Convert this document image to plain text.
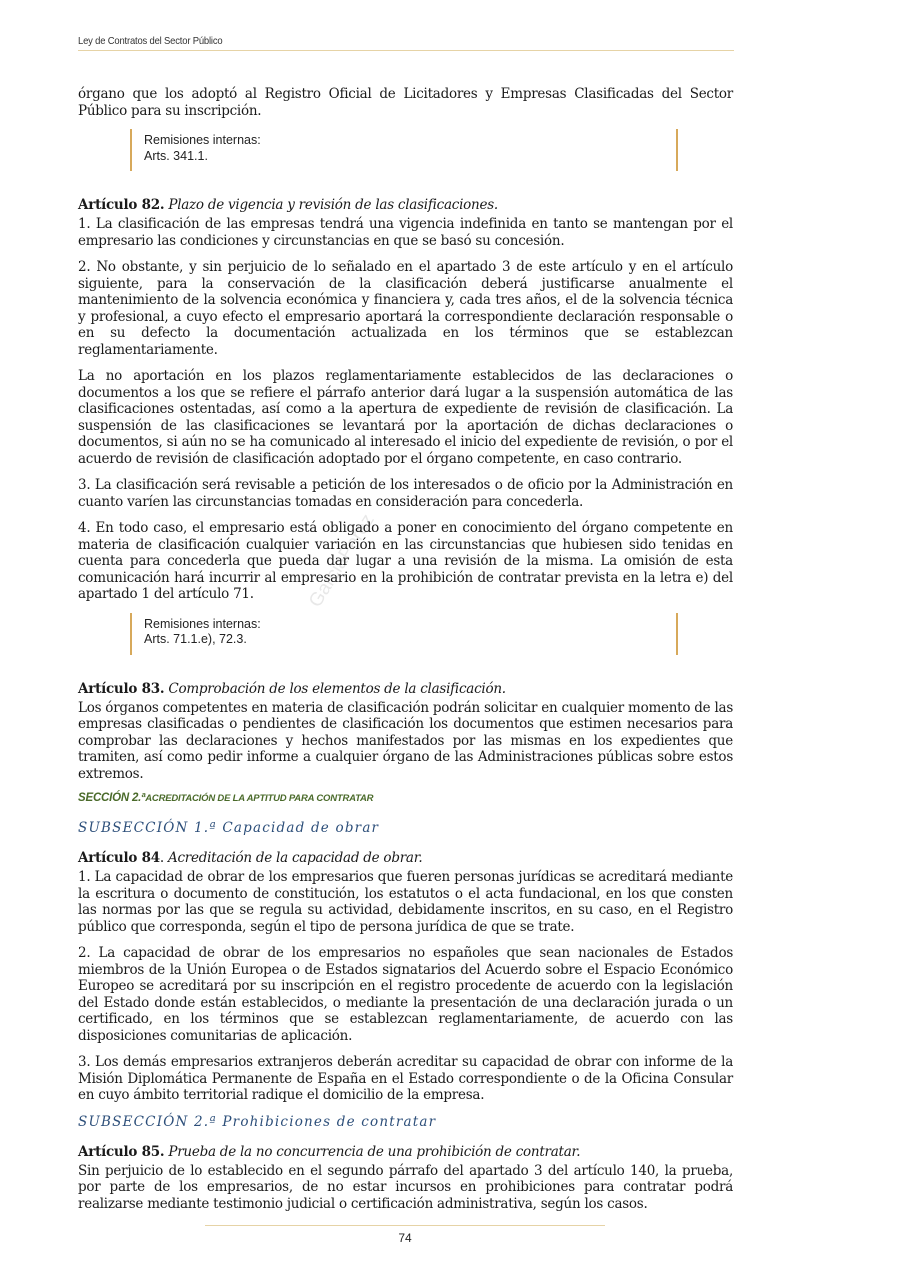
Ley de Contratos del Sector Público
GarciaPerez

órgano que los adoptó al Registro Oficial de Licitadores y Empresas Clasificadas del Sector Público para su inscripción.

Remisiones internas:
Arts. 341.1.
Artículo 82. Plazo de vigencia y revisión de las clasificaciones.

1. La clasificación de las empresas tendrá una vigencia indefinida en tanto se mantengan por el empresario las condiciones y circunstancias en que se basó su concesión.

2. No obstante, y sin perjuicio de lo señalado en el apartado 3 de este artículo y en el artículo siguiente, para la conservación de la clasificación deberá justificarse anualmente el mantenimiento de la solvencia económica y financiera y, cada tres años, el de la solvencia técnica y profesional, a cuyo efecto el empresario aportará la correspondiente declaración responsable o en su defecto la documentación actualizada en los términos que se establezcan reglamentariamente.

La no aportación en los plazos reglamentariamente establecidos de las declaraciones o documentos a los que se refiere el párrafo anterior dará lugar a la suspensión automática de las clasificaciones ostentadas, así como a la apertura de expediente de revisión de clasificación. La suspensión de las clasificaciones se levantará por la aportación de dichas declaraciones o documentos, si aún no se ha comunicado al interesado el inicio del expediente de revisión, o por el acuerdo de revisión de clasificación adoptado por el órgano competente, en caso contrario.

3. La clasificación será revisable a petición de los interesados o de oficio por la Administración en cuanto varíen las circunstancias tomadas en consideración para concederla.

4. En todo caso, el empresario está obligado a poner en conocimiento del órgano competente en materia de clasificación cualquier variación en las circunstancias que hubiesen sido tenidas en cuenta para concederla que pueda dar lugar a una revisión de la misma. La omisión de esta comunicación hará incurrir al empresario en la prohibición de contratar prevista en la letra e) del apartado 1 del artículo 71.

Remisiones internas:
Arts. 71.1.e), 72.3.
Artículo 83. Comprobación de los elementos de la clasificación.

Los órganos competentes en materia de clasificación podrán solicitar en cualquier momento de las empresas clasificadas o pendientes de clasificación los documentos que estimen necesarios para comprobar las declaraciones y hechos manifestados por las mismas en los expedientes que tramiten, así como pedir informe a cualquier órgano de las Administraciones públicas sobre estos extremos.

SECCIÓN 2.ªACREDITACIÓN DE LA APTITUD PARA CONTRATAR
SUBSECCIÓN 1.ª Capacidad de obrar
Artículo 84. Acreditación de la capacidad de obrar.

1. La capacidad de obrar de los empresarios que fueren personas jurídicas se acreditará mediante la escritura o documento de constitución, los estatutos o el acta fundacional, en los que consten las normas por las que se regula su actividad, debidamente inscritos, en su caso, en el Registro público que corresponda, según el tipo de persona jurídica de que se trate.

2. La capacidad de obrar de los empresarios no españoles que sean nacionales de Estados miembros de la Unión Europea o de Estados signatarios del Acuerdo sobre el Espacio Económico Europeo se acreditará por su inscripción en el registro procedente de acuerdo con la legislación del Estado donde están establecidos, o mediante la presentación de una declaración jurada o un certificado, en los términos que se establezcan reglamentariamente, de acuerdo con las disposiciones comunitarias de aplicación.

3. Los demás empresarios extranjeros deberán acreditar su capacidad de obrar con informe de la Misión Diplomática Permanente de España en el Estado correspondiente o de la Oficina Consular en cuyo ámbito territorial radique el domicilio de la empresa.

SUBSECCIÓN 2.ª Prohibiciones de contratar
Artículo 85. Prueba de la no concurrencia de una prohibición de contratar.

Sin perjuicio de lo establecido en el segundo párrafo del apartado 3 del artículo 140, la prueba, por parte de los empresarios, de no estar incursos en prohibiciones para contratar podrá realizarse mediante testimonio judicial o certificación administrativa, según los casos.

74
